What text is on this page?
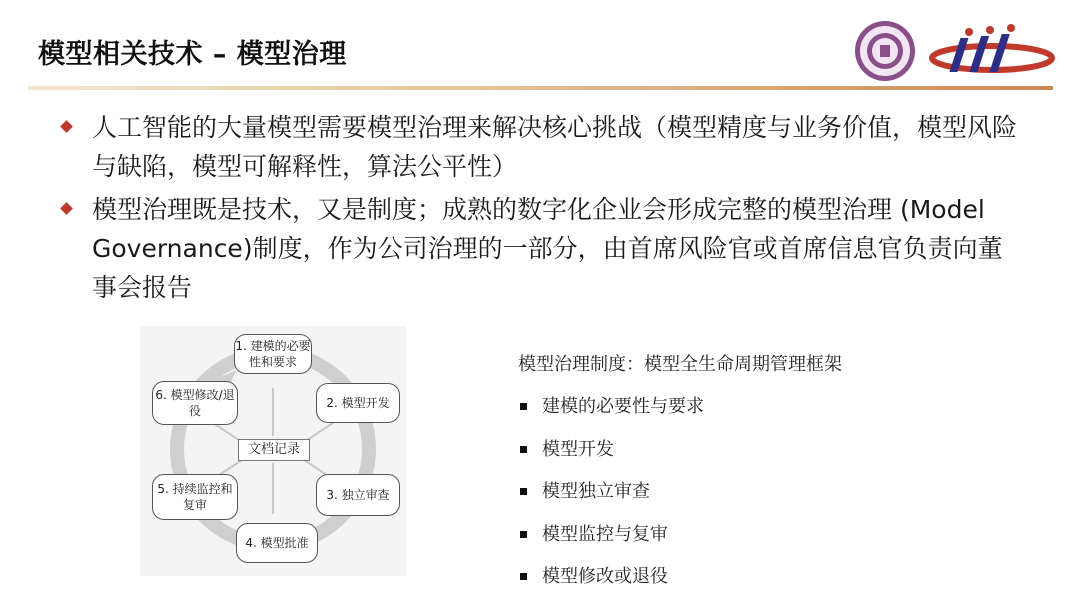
模型相关技术 – 模型治理
人工智能的大量模型需要模型治理来解决核心挑战（模型精度与业务价值，模型风险与缺陷，模型可解释性，算法公平性）
模型治理既是技术，又是制度；成熟的数字化企业会形成完整的模型治理 (Model Governance)制度，作为公司治理的一部分，由首席风险官或首席信息官负责向董事会报告
1. 建模的必要性和要求
2. 模型开发
3. 独立审查
4. 模型批准
5. 持续监控和复审
6. 模型修改/退役
文档记录
模型治理制度：模型全生命周期管理框架
建模的必要性与要求
模型开发
模型独立审查
模型监控与复审
模型修改或退役
